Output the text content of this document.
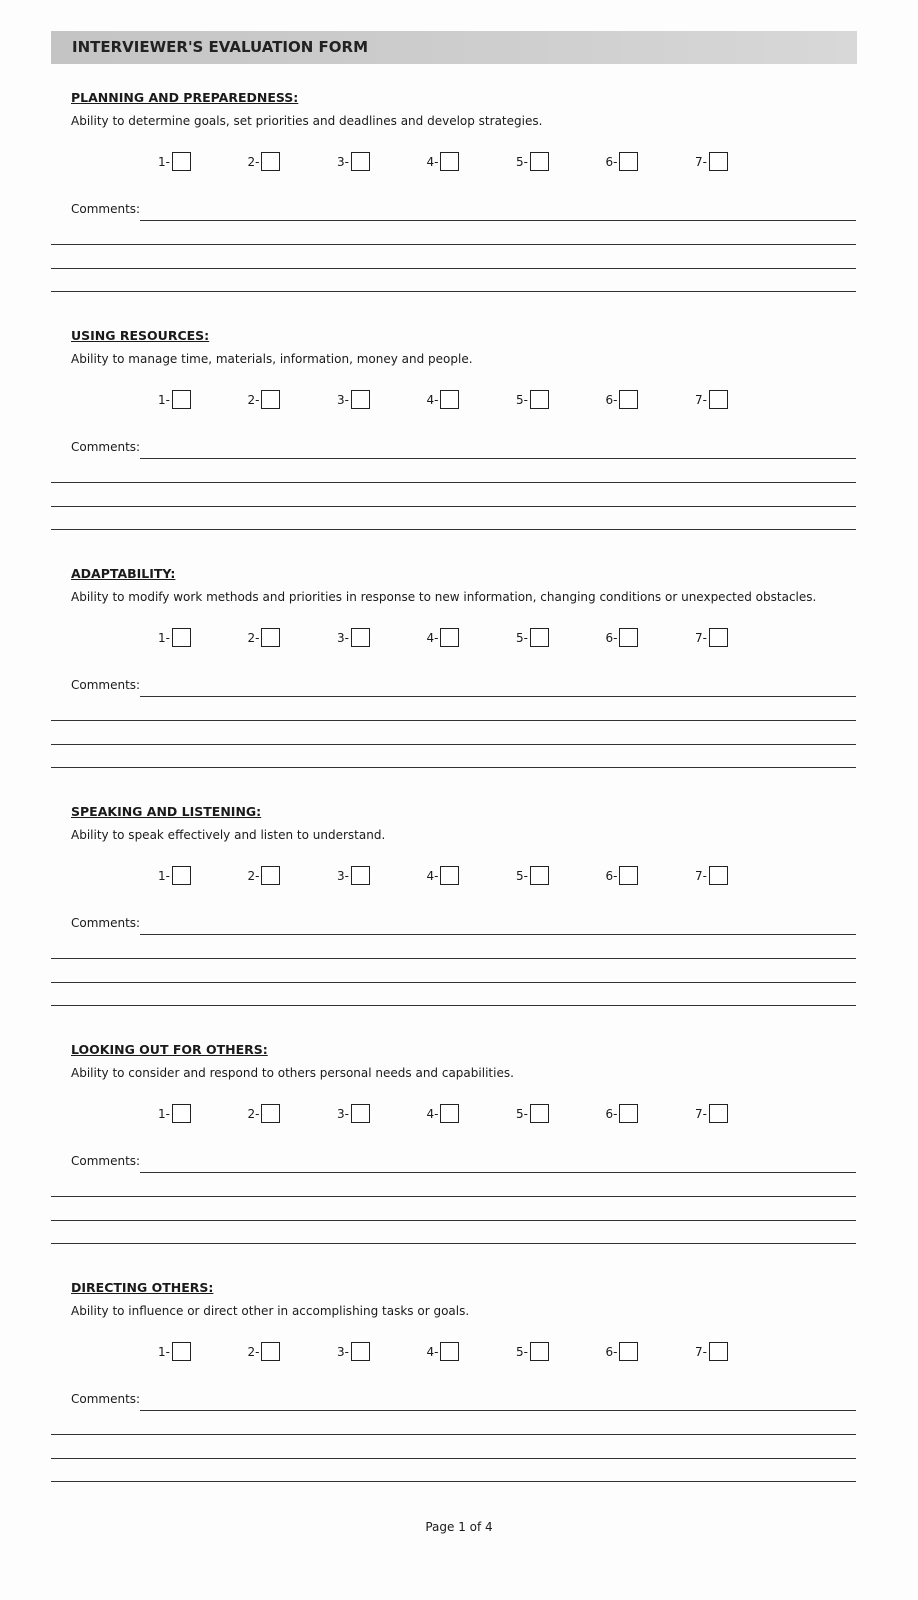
INTERVIEWER'S EVALUATION FORM
PLANNING AND PREPAREDNESS:
Ability to determine goals, set priorities and deadlines and develop strategies.
1-	2-	3-	4-	5-	6-	7-
Comments:
USING RESOURCES:
Ability to manage time, materials, information, money and people.
1-	2-	3-	4-	5-	6-	7-
Comments:
ADAPTABILITY:
Ability to modify work methods and priorities in response to new information, changing conditions or unexpected obstacles.
1-	2-	3-	4-	5-	6-	7-
Comments:
SPEAKING AND LISTENING:
Ability to speak effectively and listen to understand.
1-	2-	3-	4-	5-	6-	7-
Comments:
LOOKING OUT FOR OTHERS:
Ability to consider and respond to others personal needs and capabilities.
1-	2-	3-	4-	5-	6-	7-
Comments:
DIRECTING OTHERS:
Ability to influence or direct other in accomplishing tasks or goals.
1-	2-	3-	4-	5-	6-	7-
Comments:
Page 1 of 4
